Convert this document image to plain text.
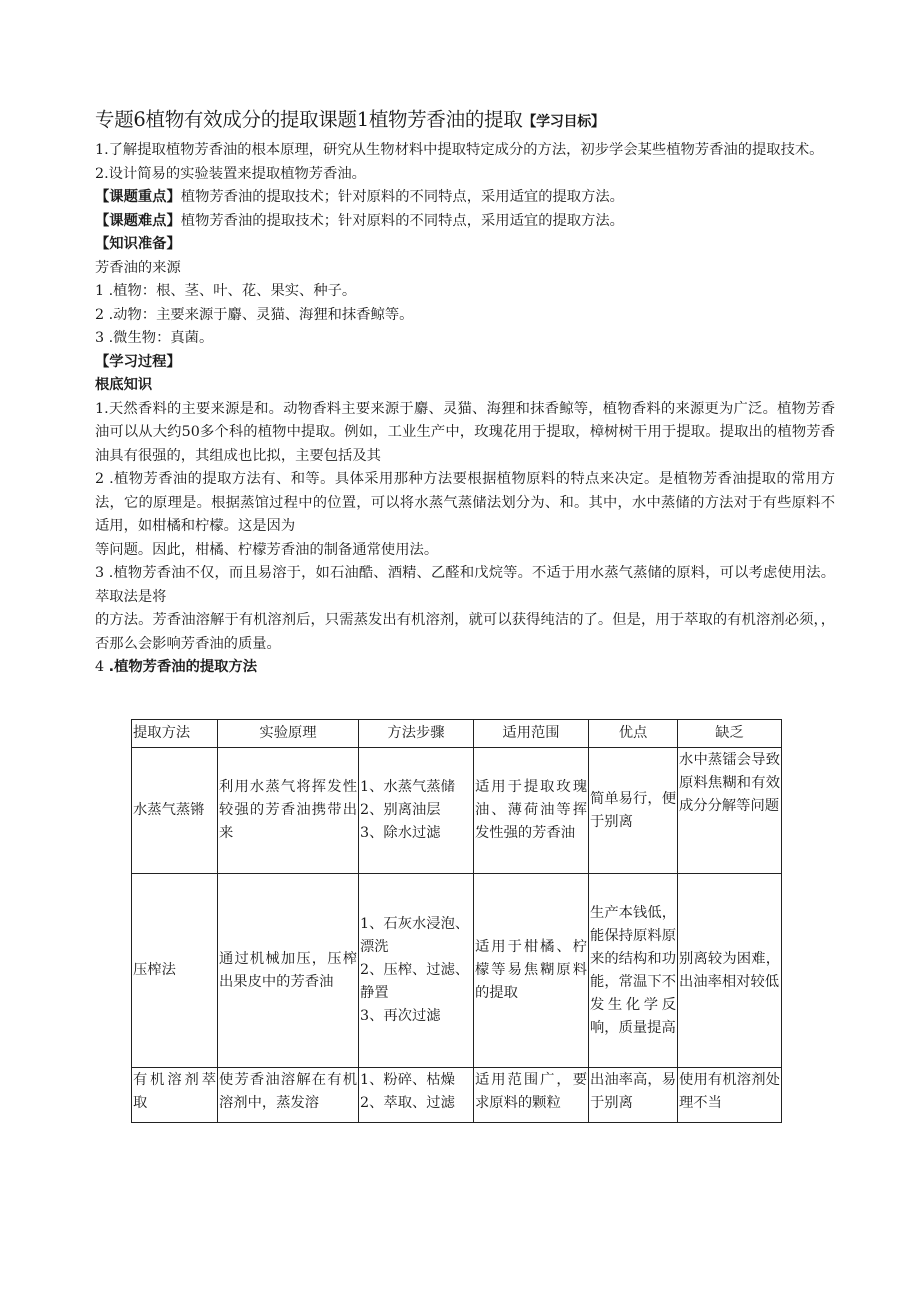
专题6植物有效成分的提取课题1植物芳香油的提取【学习目标】

1.了解提取植物芳香油的根本原理，研究从生物材料中提取特定成分的方法，初步学会某些植物芳香油的提取技术。

2.设计简易的实验装置来提取植物芳香油。

【课题重点】植物芳香油的提取技术；针对原料的不同特点，采用适宜的提取方法。

【课题难点】植物芳香油的提取技术；针对原料的不同特点，采用适宜的提取方法。

【知识准备】

芳香油的来源

1 .植物：根、茎、叶、花、果实、种子。

2 .动物：主要来源于麝、灵猫、海狸和抹香鲸等。

3 .微生物：真菌。

【学习过程】

根底知识

1.天然香料的主要来源是和。动物香料主要来源于麝、灵猫、海狸和抹香鲸等，植物香料的来源更为广泛。植物芳香油可以从大约50多个科的植物中提取。例如，工业生产中，玫瑰花用于提取，樟树树干用于提取。提取出的植物芳香油具有很强的，其组成也比拟，主要包括及其

2 .植物芳香油的提取方法有、和等。具体采用那种方法要根据植物原料的特点来决定。是植物芳香油提取的常用方法，它的原理是。根据蒸馆过程中的位置，可以将水蒸气蒸储法划分为、和。其中，水中蒸储的方法对于有些原料不适用，如柑橘和柠檬。这是因为

等问题。因此，柑橘、柠檬芳香油的制备通常使用法。

3 .植物芳香油不仅，而且易溶于，如石油酷、酒精、乙醛和戊烷等。不适于用水蒸气蒸储的原料，可以考虑使用法。萃取法是将

的方法。芳香油溶解于有机溶剂后，只需蒸发出有机溶剂，就可以获得纯洁的了。但是，用于萃取的有机溶剂必须，，否那么会影响芳香油的质量。

4 .植物芳香油的提取方法

提取方法	实验原理	方法步骤	适用范围	优点	缺乏
水蒸气蒸锵	利用水蒸气将挥发性较强的芳香油携带出来	1、水蒸气蒸储
2、别离油层
3、除水过滤	适用于提取玫瑰油、薄荷油等挥发性强的芳香油	简单易行，便于别离	水中蒸镭会导致原料焦糊和有效成分分解等问题
压榨法	通过机械加压，压榨出果皮中的芳香油	1、石灰水浸泡、
漂洗
2、压榨、过滤、
静置
3、再次过滤	适用于柑橘、柠檬等易焦糊原料的提取	生产本钱低，能保持原料原来的结构和功能，常温下不发生化学反响，质量提高	别离较为困难，出油率相对较低
有机溶剂萃取	使芳香油溶解在有机溶剂中，蒸发溶	1、粉碎、枯燥
2、萃取、过滤	适用范围广，要求原料的颗粒	出油率高，易于别离	使用有机溶剂处理不当
